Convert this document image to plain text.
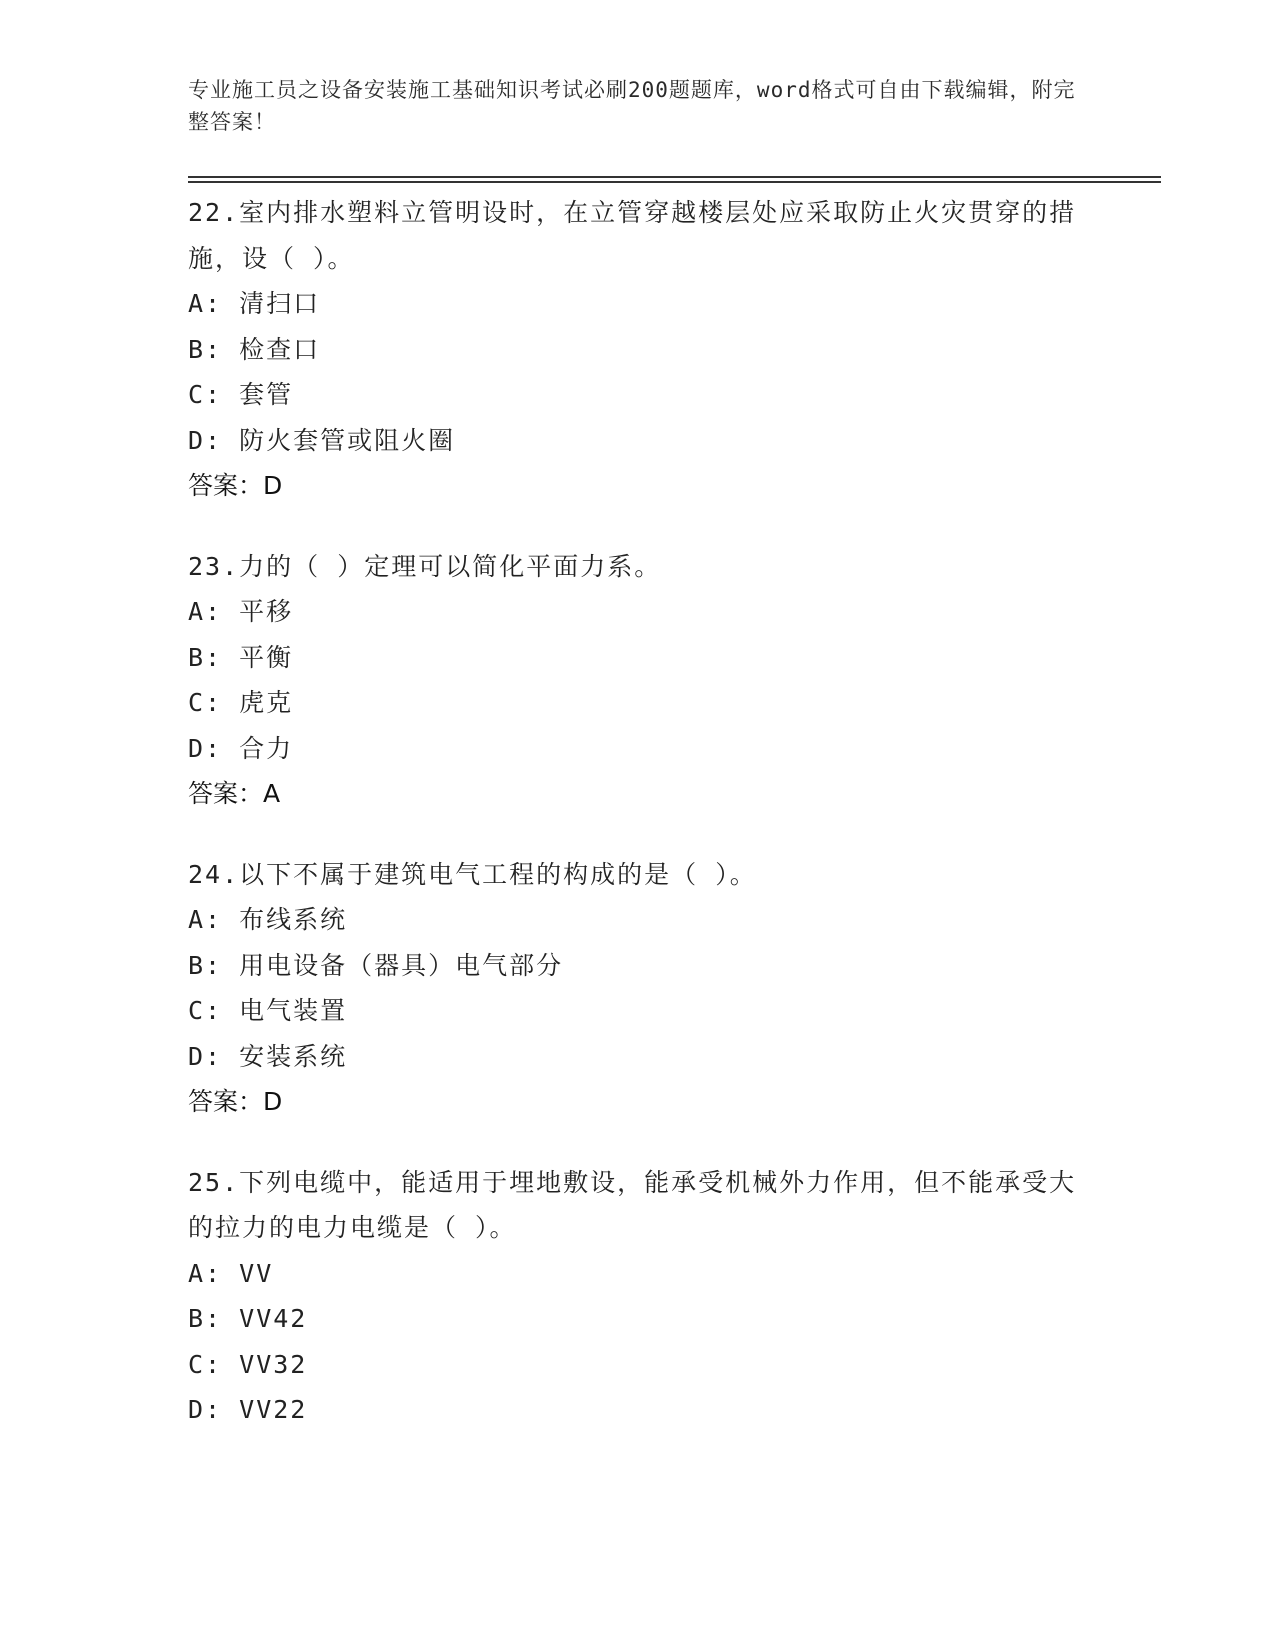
专业施工员之设备安装施工基础知识考试必刷200题题库，word格式可自由下载编辑，附完整答案！
22.室内排水塑料立管明设时，在立管穿越楼层处应采取防止火灾贯穿的措施，设（ ）。
A: 清扫口
B: 检查口
C: 套管
D: 防火套管或阻火圈
答案：D
23.力的（ ）定理可以简化平面力系。
A: 平移
B: 平衡
C: 虎克
D: 合力
答案：A
24.以下不属于建筑电气工程的构成的是（ ）。
A: 布线系统
B: 用电设备（器具）电气部分
C: 电气装置
D: 安装系统
答案：D
25.下列电缆中，能适用于埋地敷设，能承受机械外力作用，但不能承受大的拉力的电力电缆是（ ）。
A: VV
B: VV42
C: VV32
D: VV22
